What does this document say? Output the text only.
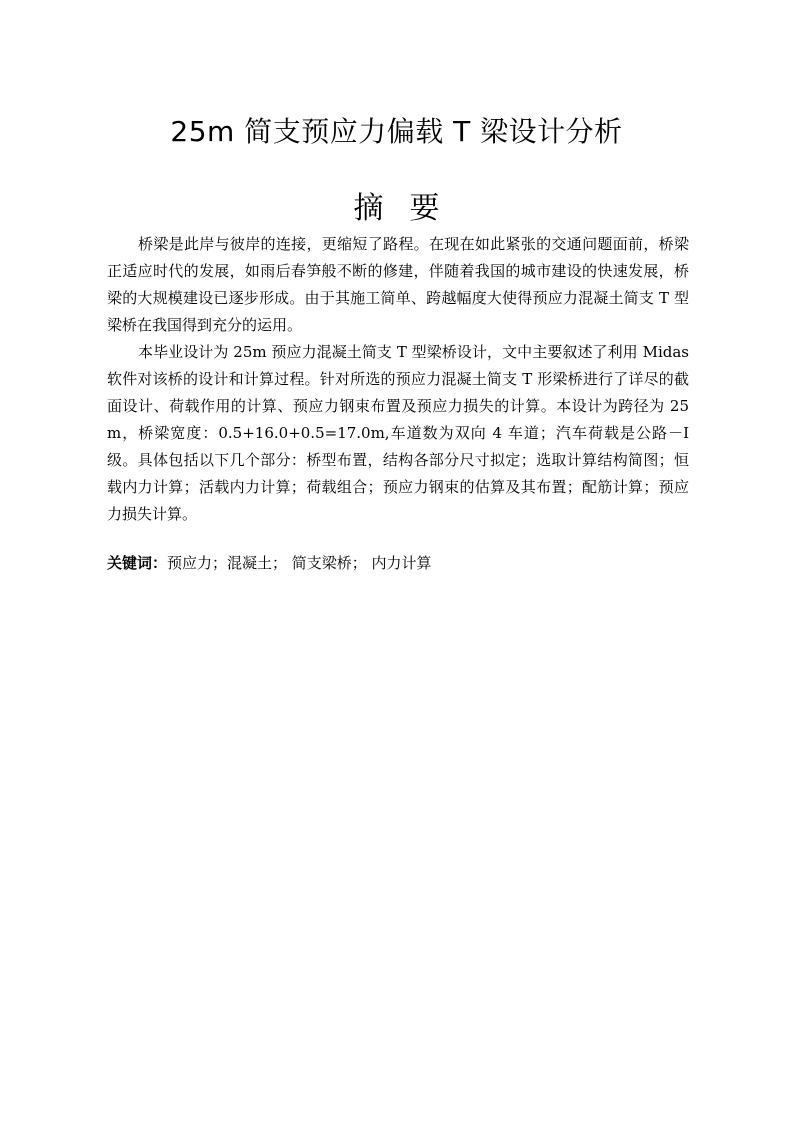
25m 简支预应力偏载 T 梁设计分析
摘要

桥梁是此岸与彼岸的连接，更缩短了路程。在现在如此紧张的交通问题面前，桥梁正适应时代的发展，如雨后春笋般不断的修建，伴随着我国的城市建设的快速发展，桥梁的大规模建设已逐步形成。由于其施工简单、跨越幅度大使得预应力混凝土简支 T 型梁桥在我国得到充分的运用。

本毕业设计为 25m 预应力混凝土简支 T 型梁桥设计，文中主要叙述了利用 Midas 软件对该桥的设计和计算过程。针对所选的预应力混凝土简支 T 形梁桥进行了详尽的截面设计、荷载作用的计算、预应力钢束布置及预应力损失的计算。本设计为跨径为 25m，桥梁宽度：0.5+16.0+0.5=17.0m,车道数为双向 4 车道；汽车荷载是公路－I 级。具体包括以下几个部分：桥型布置，结构各部分尺寸拟定；选取计算结构简图；恒载内力计算；活载内力计算；荷载组合；预应力钢束的估算及其布置；配筋计算；预应力损失计算。

关键词：预应力；混凝土； 简支梁桥； 内力计算
